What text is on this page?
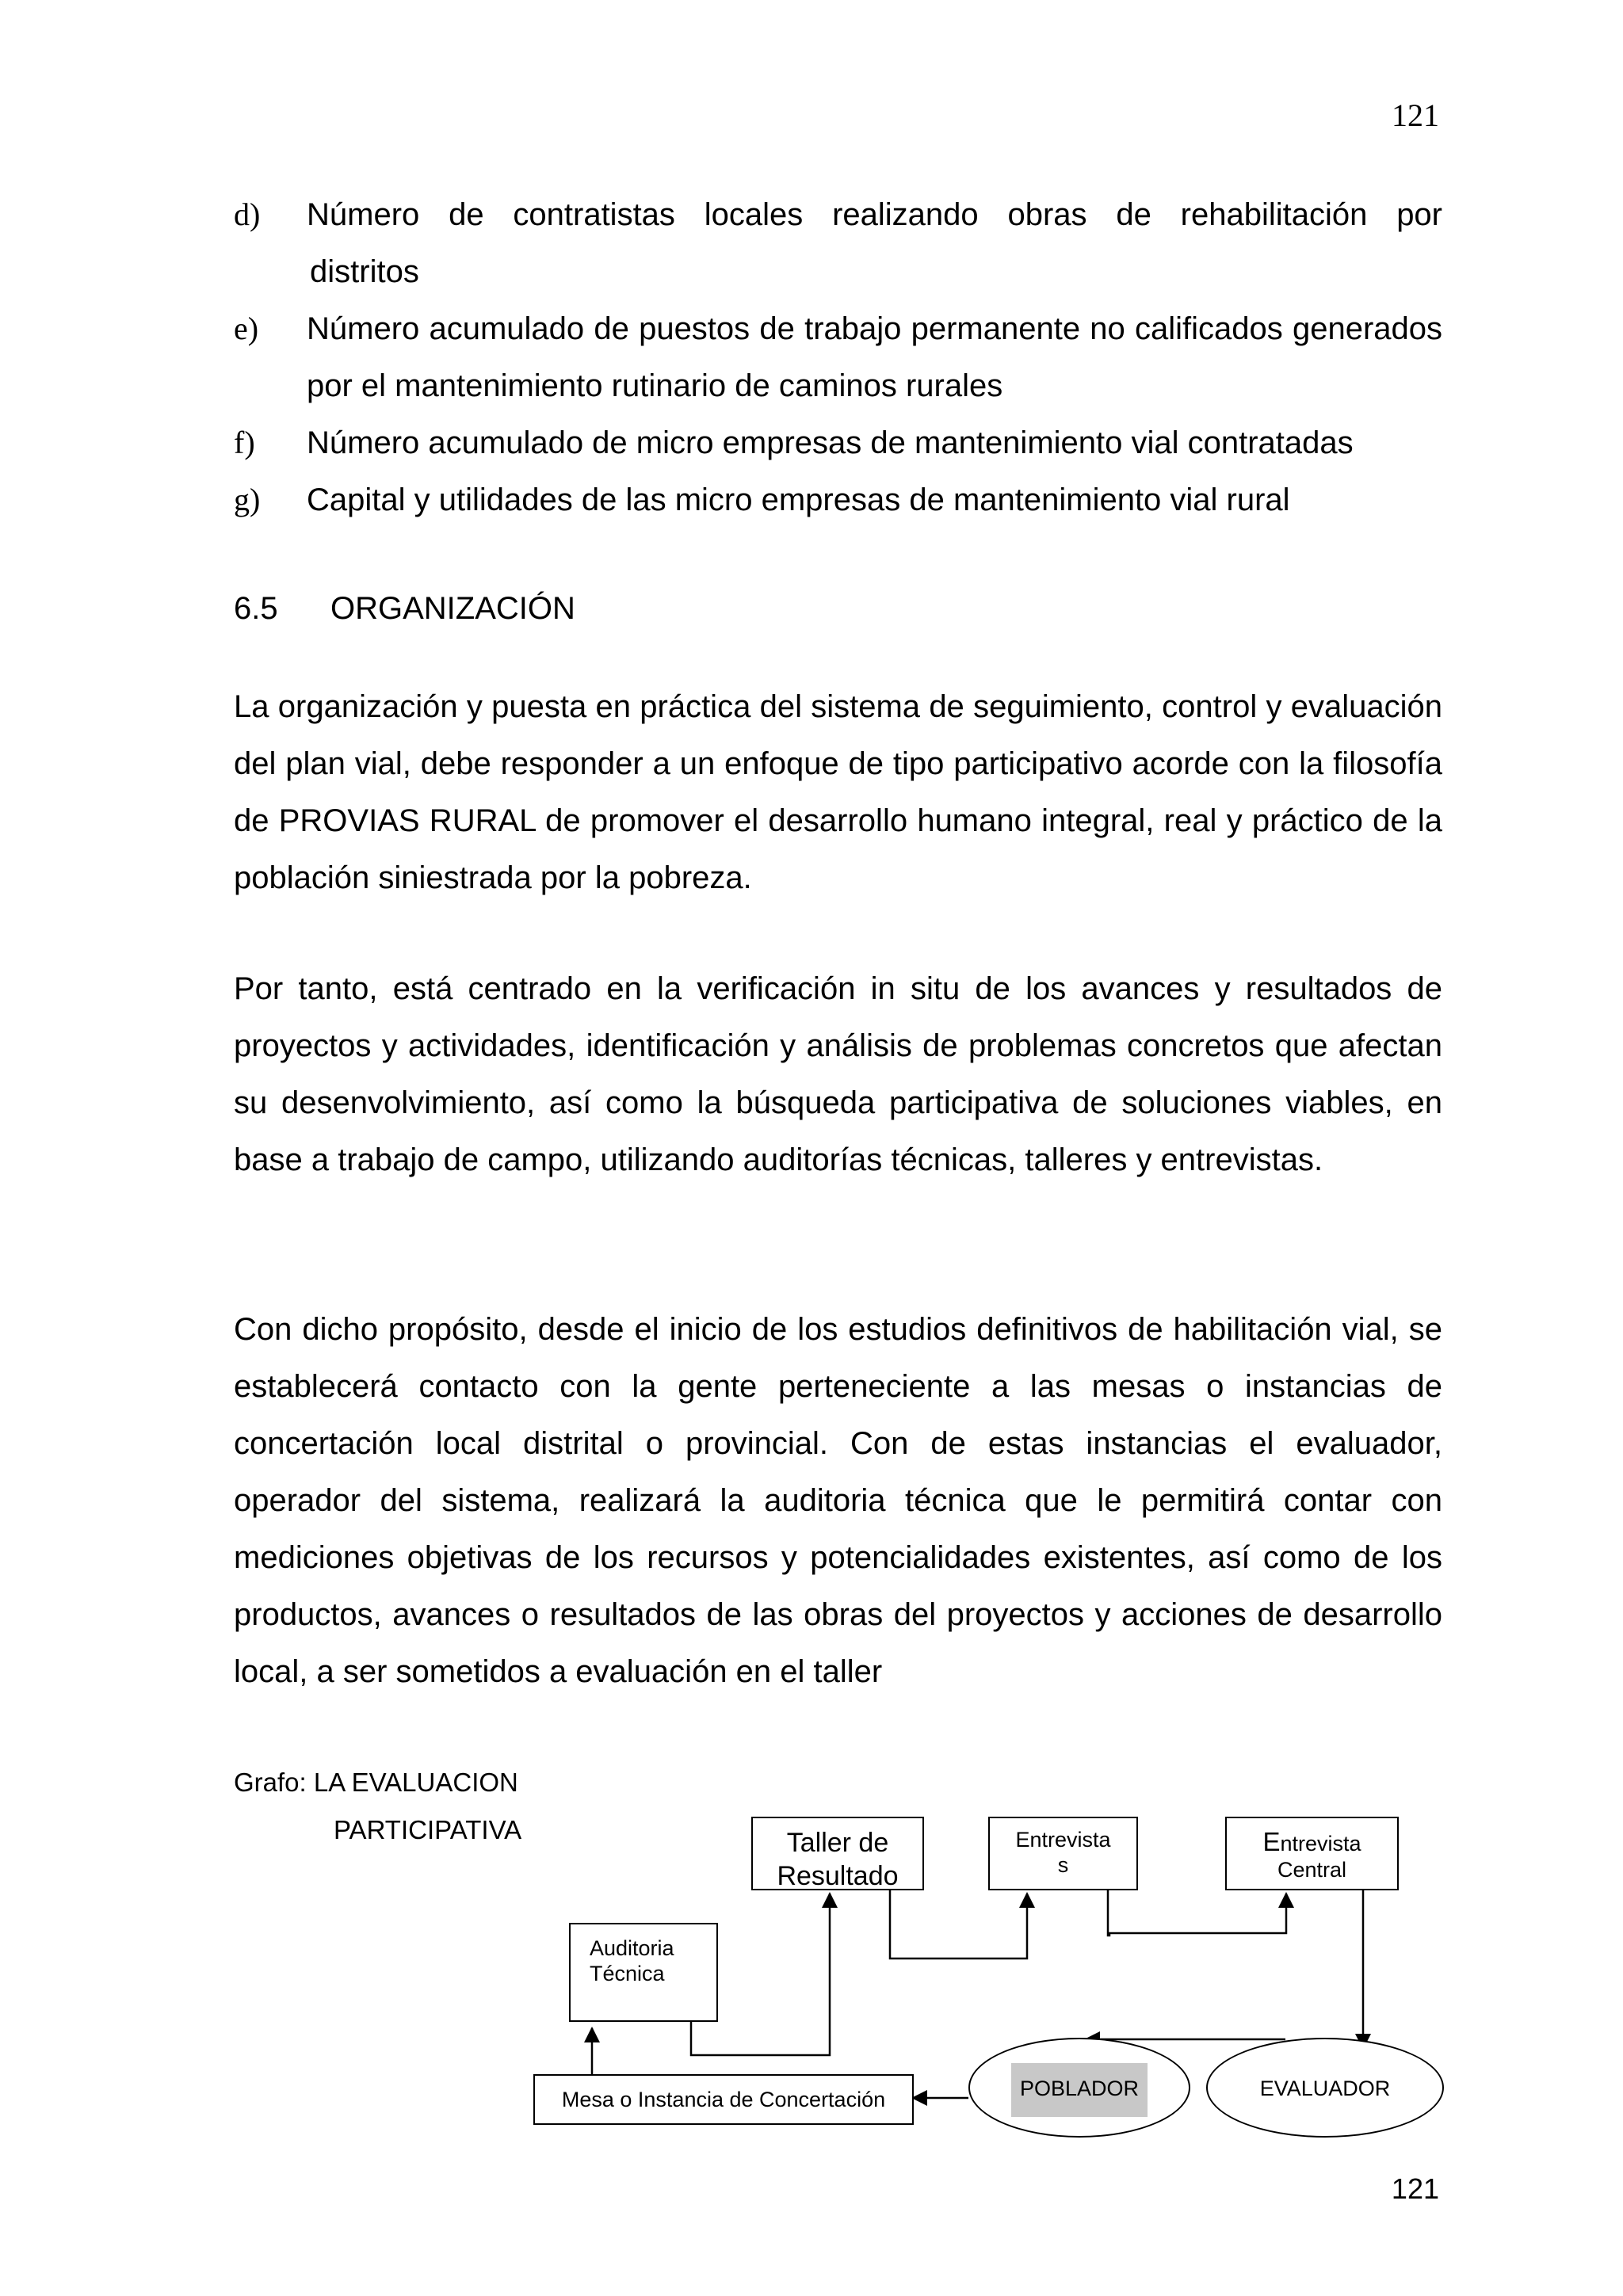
121
d) Número de contratistas locales realizando obras de rehabilitación por
distritos
e) Número acumulado de puestos de trabajo permanente no calificados generados por el mantenimiento rutinario de caminos rurales
f) Número acumulado de micro empresas de mantenimiento vial contratadas
g) Capital y utilidades de las micro empresas de mantenimiento vial rural
6.5 ORGANIZACIÓN
La organización y puesta en práctica del sistema de seguimiento, control y evaluación del plan vial, debe responder a un enfoque de tipo participativo acorde con la filosofía de PROVIAS RURAL de promover el desarrollo humano integral, real y práctico de la población siniestrada por la pobreza.
Por tanto, está centrado en la verificación in situ de los avances y resultados de proyectos y actividades, identificación y análisis de problemas concretos que afectan su desenvolvimiento, así como la búsqueda participativa de soluciones viables, en base a trabajo de campo, utilizando auditorías técnicas, talleres y entrevistas.
Con dicho propósito, desde el inicio de los estudios definitivos de habilitación vial, se establecerá contacto con la gente perteneciente a las mesas o instancias de concertación local distrital o provincial. Con de estas instancias el evaluador, operador del sistema, realizará la auditoria técnica que le permitirá contar con mediciones objetivas de los recursos y potencialidades existentes, así como de los productos, avances o resultados de las obras del proyectos y acciones de desarrollo local, a ser sometidos a evaluación en el taller
Grafo: LA EVALUACION
PARTICIPATIVA	Taller de
Resultado
Entrevista
s
Entrevista
Central
Auditoria
Técnica
Mesa o Instancia de Concertación	POBLADOR	EVALUADOR
121
